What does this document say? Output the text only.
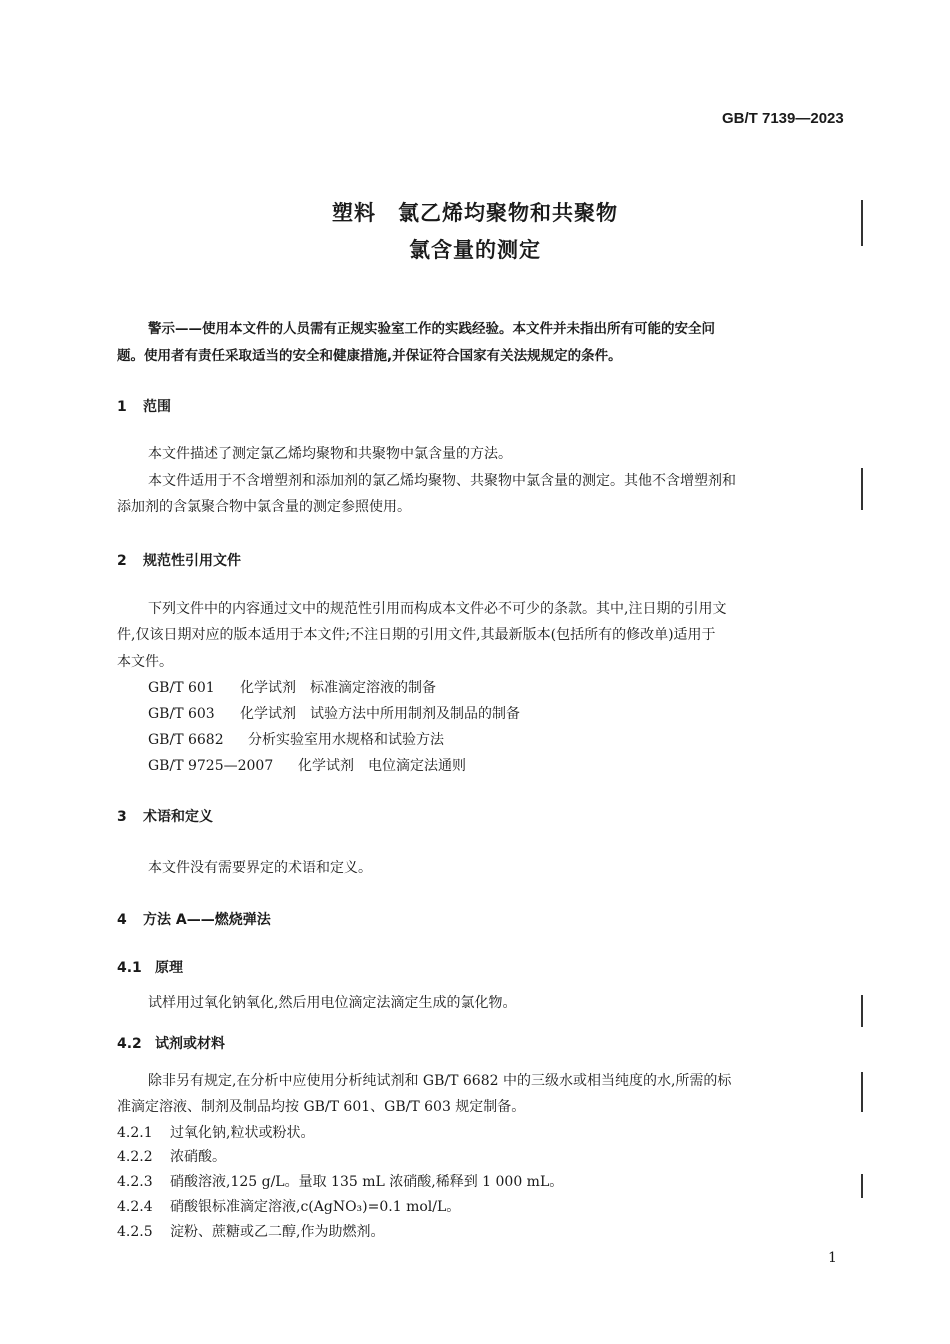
GB/T 7139—2023
塑料　氯乙烯均聚物和共聚物
氯含量的测定
警示——使用本文件的人员需有正规实验室工作的实践经验。本文件并未指出所有可能的安全问
题。使用者有责任采取适当的安全和健康措施,并保证符合国家有关法规规定的条件。
1 范围
本文件描述了测定氯乙烯均聚物和共聚物中氯含量的方法。
本文件适用于不含增塑剂和添加剂的氯乙烯均聚物、共聚物中氯含量的测定。其他不含增塑剂和
添加剂的含氯聚合物中氯含量的测定参照使用。
2 规范性引用文件
下列文件中的内容通过文中的规范性引用而构成本文件必不可少的条款。其中,注日期的引用文
件,仅该日期对应的版本适用于本文件;不注日期的引用文件,其最新版本(包括所有的修改单)适用于
本文件。
GB/T 601 化学试剂　标准滴定溶液的制备
GB/T 603 化学试剂　试验方法中所用制剂及制品的制备
GB/T 6682 分析实验室用水规格和试验方法
GB/T 9725—2007 化学试剂　电位滴定法通则
3 术语和定义
本文件没有需要界定的术语和定义。
4 方法 A——燃烧弹法
4.1 原理
试样用过氧化钠氧化,然后用电位滴定法滴定生成的氯化物。
4.2 试剂或材料
除非另有规定,在分析中应使用分析纯试剂和 GB/T 6682 中的三级水或相当纯度的水,所需的标
准滴定溶液、制剂及制品均按 GB/T 601、GB/T 603 规定制备。
4.2.1 过氧化钠,粒状或粉状。
4.2.2 浓硝酸。
4.2.3 硝酸溶液,125 g/L。量取 135 mL 浓硝酸,稀释到 1 000 mL。
4.2.4 硝酸银标准滴定溶液,c(AgNO₃)=0.1 mol/L。
4.2.5 淀粉、蔗糖或乙二醇,作为助燃剂。
1
